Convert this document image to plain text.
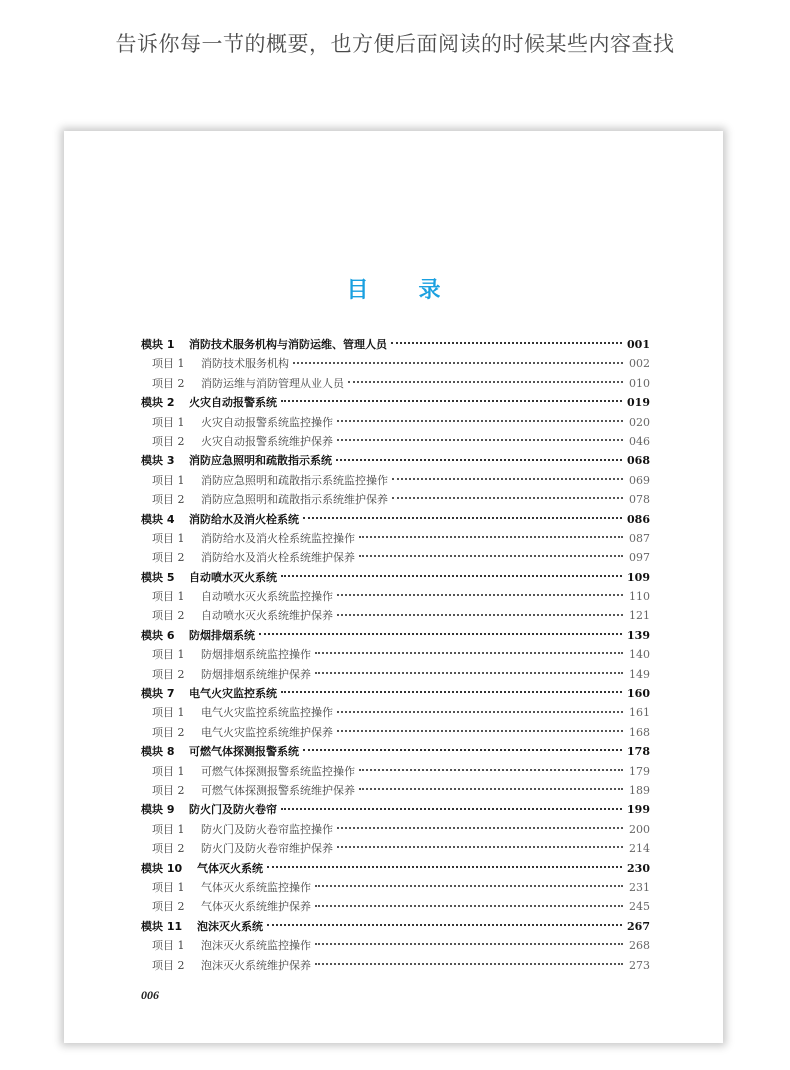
告诉你每一节的概要，也方便后面阅读的时候某些内容查找
目录
模块 1	消防技术服务机构与消防运维、管理人员	001
项目 1	消防技术服务机构	002
项目 2	消防运维与消防管理从业人员	010
模块 2	火灾自动报警系统	019
项目 1	火灾自动报警系统监控操作	020
项目 2	火灾自动报警系统维护保养	046
模块 3	消防应急照明和疏散指示系统	068
项目 1	消防应急照明和疏散指示系统监控操作	069
项目 2	消防应急照明和疏散指示系统维护保养	078
模块 4	消防给水及消火栓系统	086
项目 1	消防给水及消火栓系统监控操作	087
项目 2	消防给水及消火栓系统维护保养	097
模块 5	自动喷水灭火系统	109
项目 1	自动喷水灭火系统监控操作	110
项目 2	自动喷水灭火系统维护保养	121
模块 6	防烟排烟系统	139
项目 1	防烟排烟系统监控操作	140
项目 2	防烟排烟系统维护保养	149
模块 7	电气火灾监控系统	160
项目 1	电气火灾监控系统监控操作	161
项目 2	电气火灾监控系统维护保养	168
模块 8	可燃气体探测报警系统	178
项目 1	可燃气体探测报警系统监控操作	179
项目 2	可燃气体探测报警系统维护保养	189
模块 9	防火门及防火卷帘	199
项目 1	防火门及防火卷帘监控操作	200
项目 2	防火门及防火卷帘维护保养	214
模块 10	气体灭火系统	230
项目 1	气体灭火系统监控操作	231
项目 2	气体灭火系统维护保养	245
模块 11	泡沫灭火系统	267
项目 1	泡沫灭火系统监控操作	268
项目 2	泡沫灭火系统维护保养	273
006
